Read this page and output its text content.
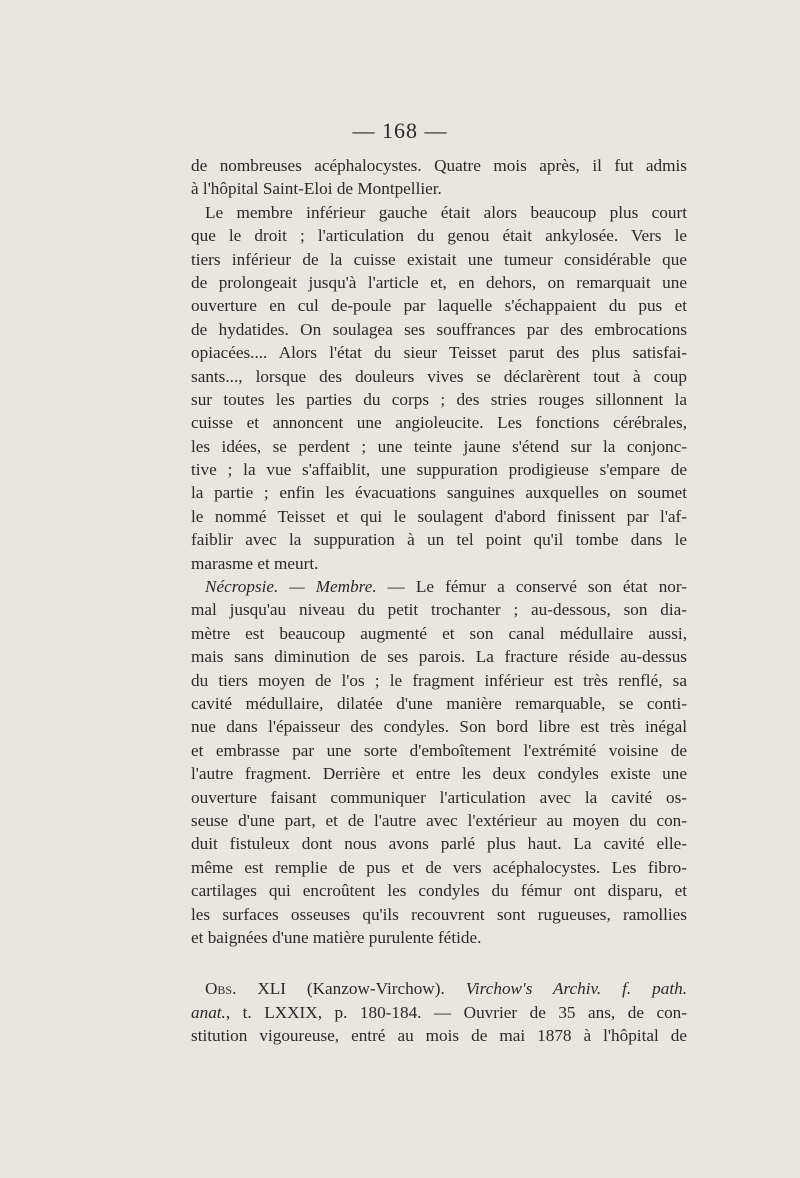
— 168 —
de nombreuses acéphalocystes. Quatre mois après, il fut admis
à l'hôpital Saint-Eloi de Montpellier.
Le membre inférieur gauche était alors beaucoup plus court
que le droit ; l'articulation du genou était ankylosée. Vers le
tiers inférieur de la cuisse existait une tumeur considérable que
de prolongeait jusqu'à l'article et, en dehors, on remarquait une
ouverture en cul de-poule par laquelle s'échappaient du pus et
de hydatides. On soulagea ses souffrances par des embrocations
opiacées.... Alors l'état du sieur Teisset parut des plus satisfai-
sants..., lorsque des douleurs vives se déclarèrent tout à coup
sur toutes les parties du corps ; des stries rouges sillonnent la
cuisse et annoncent une angioleucite. Les fonctions cérébrales,
les idées, se perdent ; une teinte jaune s'étend sur la conjonc-
tive ; la vue s'affaiblit, une suppuration prodigieuse s'empare de
la partie ; enfin les évacuations sanguines auxquelles on soumet
le nommé Teisset et qui le soulagent d'abord finissent par l'af-
faiblir avec la suppuration à un tel point qu'il tombe dans le
marasme et meurt.
Nécropsie. — Membre. — Le fémur a conservé son état nor-
mal jusqu'au niveau du petit trochanter ; au-dessous, son dia-
mètre est beaucoup augmenté et son canal médullaire aussi,
mais sans diminution de ses parois. La fracture réside au-dessus
du tiers moyen de l'os ; le fragment inférieur est très renflé, sa
cavité médullaire, dilatée d'une manière remarquable, se conti-
nue dans l'épaisseur des condyles. Son bord libre est très inégal
et embrasse par une sorte d'emboîtement l'extrémité voisine de
l'autre fragment. Derrière et entre les deux condyles existe une
ouverture faisant communiquer l'articulation avec la cavité os-
seuse d'une part, et de l'autre avec l'extérieur au moyen du con-
duit fistuleux dont nous avons parlé plus haut. La cavité elle-
même est remplie de pus et de vers acéphalocystes. Les fibro-
cartilages qui encroûtent les condyles du fémur ont disparu, et
les surfaces osseuses qu'ils recouvrent sont rugueuses, ramollies
et baignées d'une matière purulente fétide.
Obs. XLI (Kanzow-Virchow). Virchow's Archiv. f. path.
anat., t. LXXIX, p. 180-184. — Ouvrier de 35 ans, de con-
stitution vigoureuse, entré au mois de mai 1878 à l'hôpital de
